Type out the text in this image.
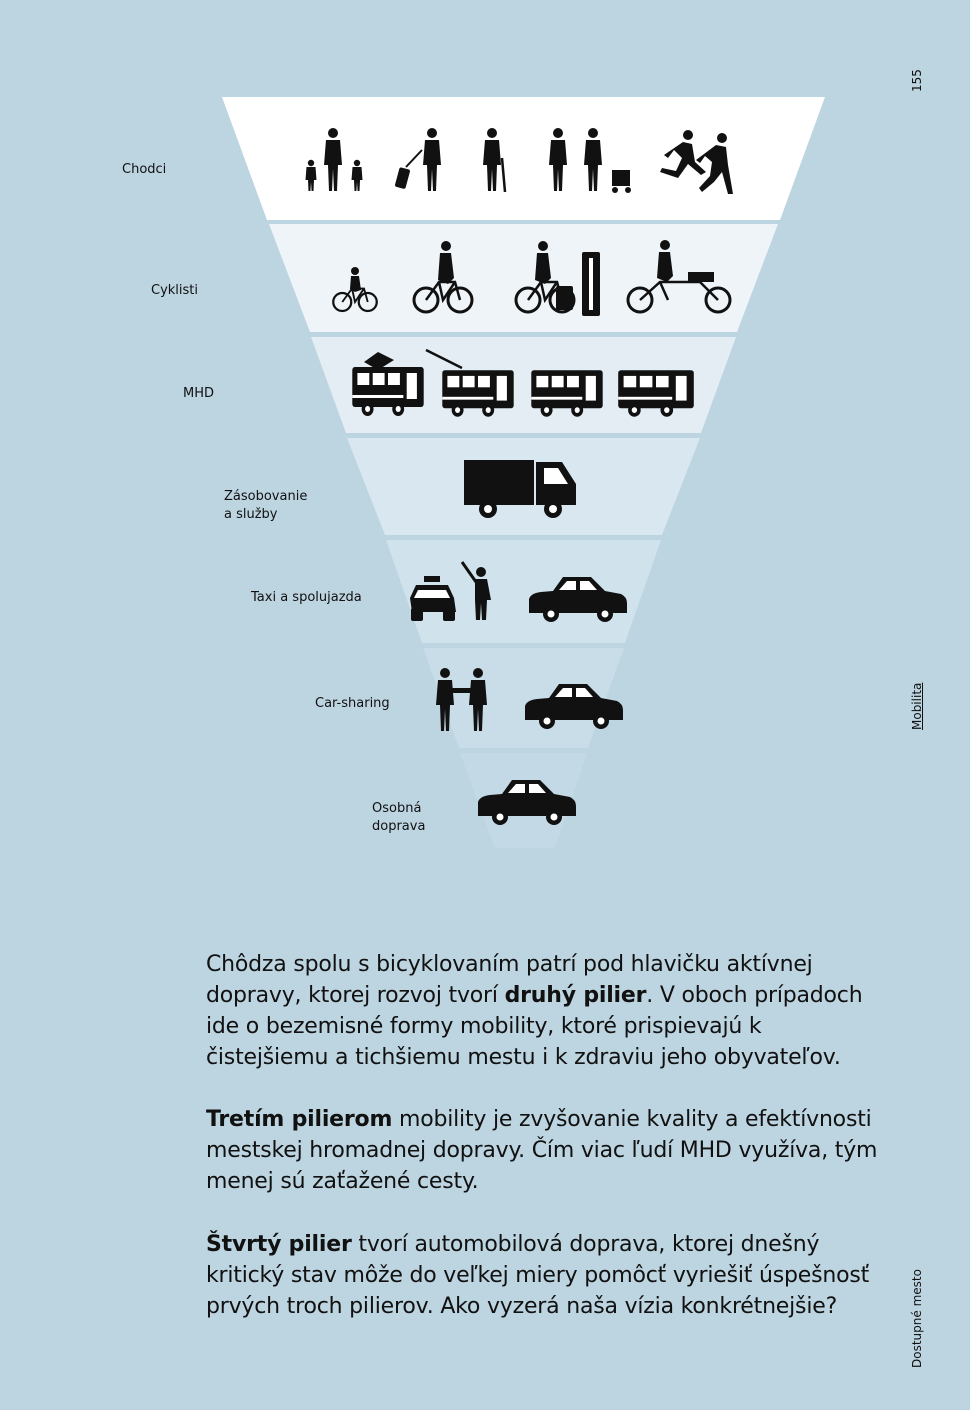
Chodci
Cyklisti
MHD
Zásobovanie
a služby
Taxi a spolujazda
Car-sharing
Osobná
doprava
155
Mobilita
Dostupné mesto
Chôdza spolu s bicyklovaním patrí pod hlavičku aktívnej dopravy, ktorej rozvoj tvorí druhý pilier. V oboch prípadoch ide o bezemisné formy mobility, ktoré prispievajú k čistejšiemu a tichšiemu mestu i k zdraviu jeho obyvateľov.
Tretím pilierom mobility je zvyšovanie kvality a efektívnosti mestskej hromadnej dopravy. Čím viac ľudí MHD využíva, tým menej sú zaťažené cesty.
Štvrtý pilier tvorí automobilová doprava, ktorej dnešný kritický stav môže do veľkej miery pomôcť vyriešiť úspešnosť prvých troch pilierov. Ako vyzerá naša vízia konkrétnejšie?
